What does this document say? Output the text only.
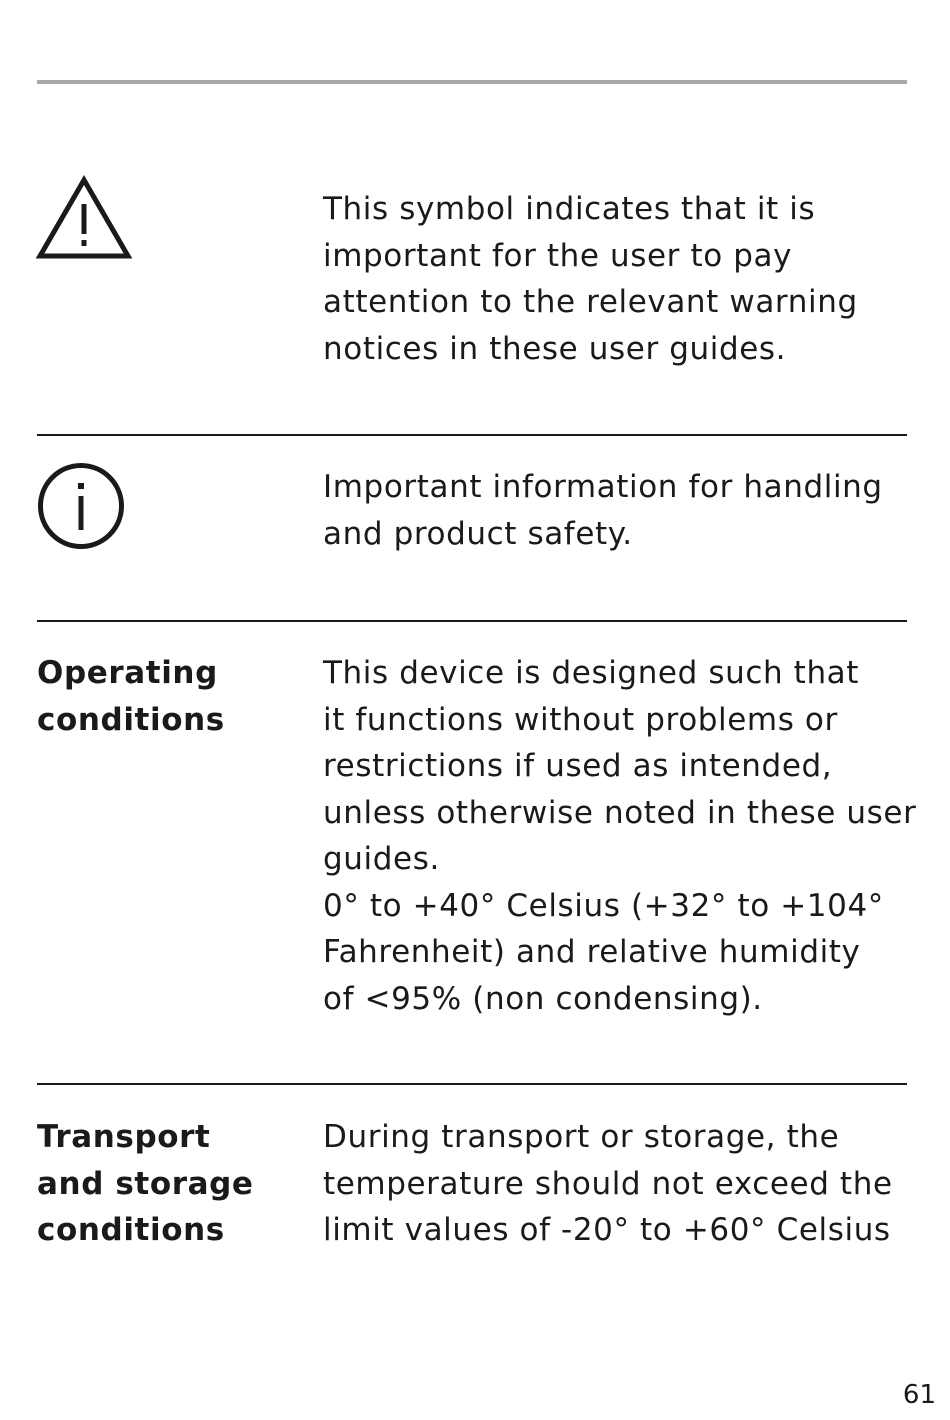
This symbol indicates that it is
important for the user to pay
attention to the relevant warning
notices in these user guides.
Important information for handling
and product safety.
Operating
conditions
This device is designed such that
it functions without problems or
restrictions if used as intended,
unless otherwise noted in these user
guides.
0° to +40° Celsius (+32° to +104°
Fahrenheit) and relative humidity
of <95% (non condensing).
Transport
and storage
conditions
During transport or storage, the
temperature should not exceed the
limit values of -20° to +60° Celsius
61
